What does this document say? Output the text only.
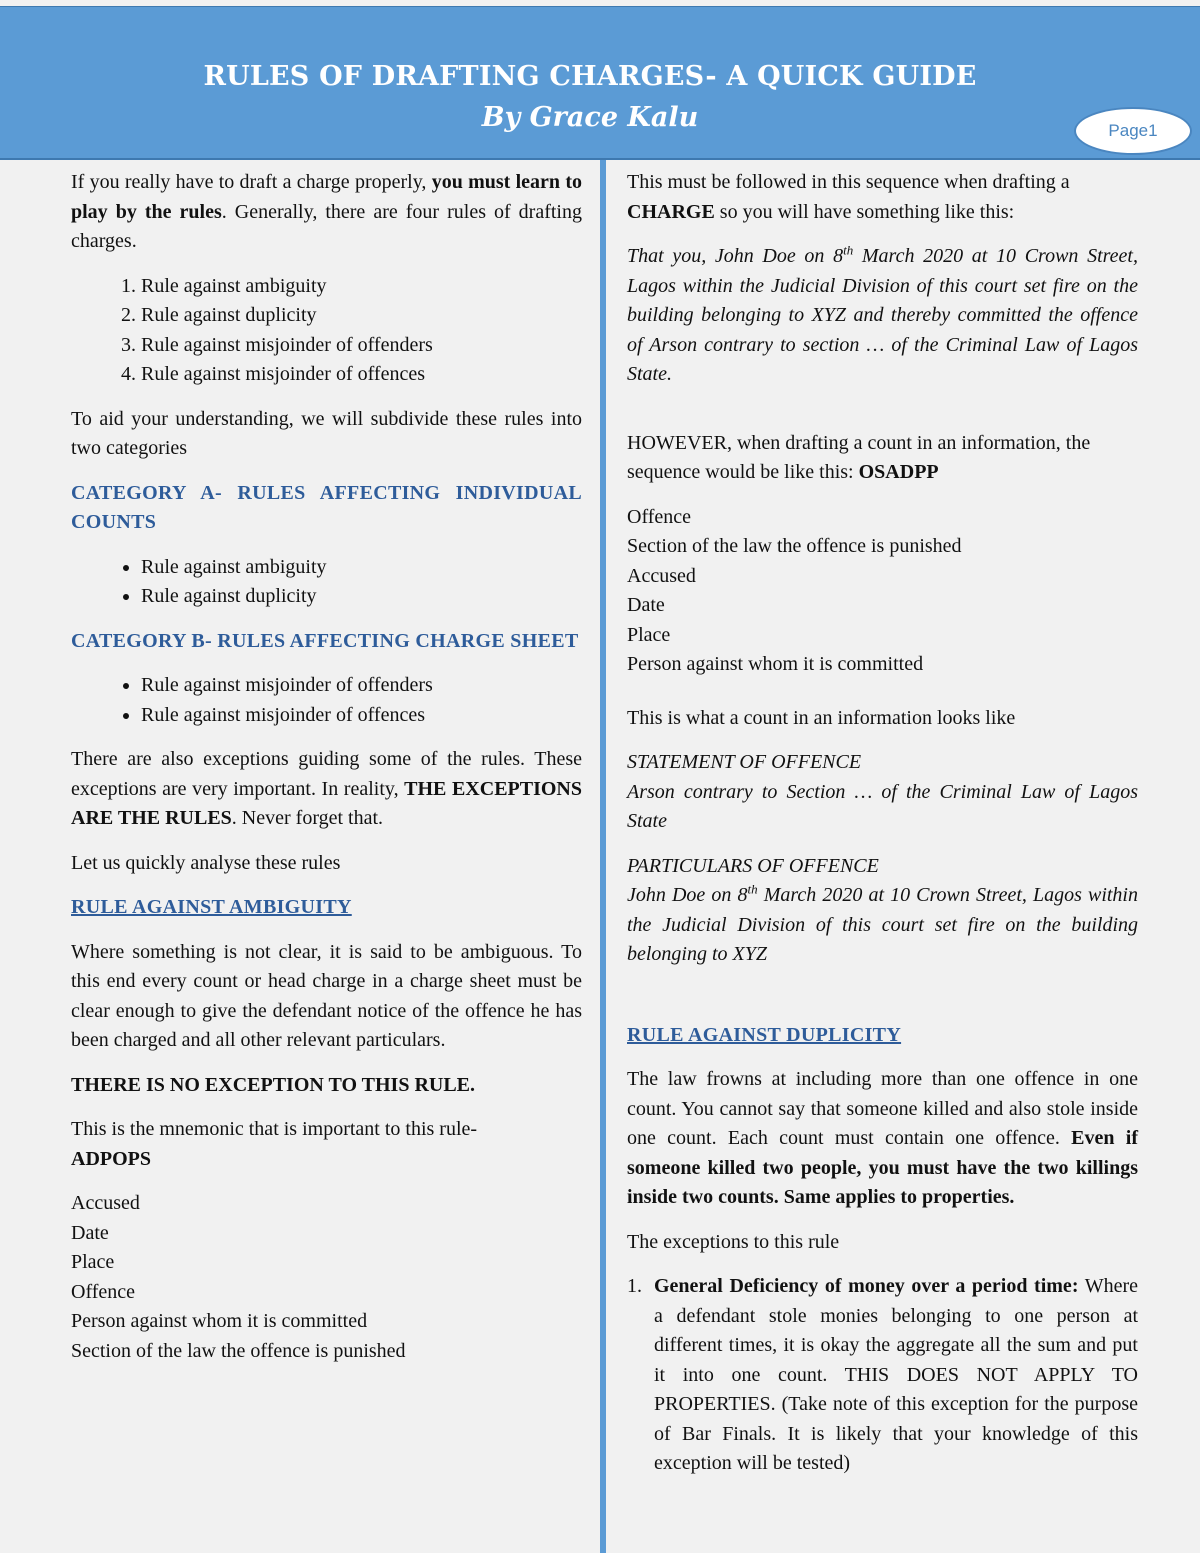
RULES OF DRAFTING CHARGES- A QUICK GUIDE
By Grace Kalu	Page1

If you really have to draft a charge properly, you must learn to play by the rules. Generally, there are four rules of drafting charges.

1. Rule against ambiguity
2. Rule against duplicity
3. Rule against misjoinder of offenders
4. Rule against misjoinder of offences

To aid your understanding, we will subdivide these rules into two categories

CATEGORY A- RULES AFFECTING INDIVIDUAL COUNTS

• Rule against ambiguity
• Rule against duplicity

CATEGORY B- RULES AFFECTING CHARGE SHEET

• Rule against misjoinder of offenders
• Rule against misjoinder of offences

There are also exceptions guiding some of the rules. These exceptions are very important. In reality, THE EXCEPTIONS ARE THE RULES. Never forget that.

Let us quickly analyse these rules

RULE AGAINST AMBIGUITY

Where something is not clear, it is said to be ambiguous. To this end every count or head charge in a charge sheet must be clear enough to give the defendant notice of the offence he has been charged and all other relevant particulars.

THERE IS NO EXCEPTION TO THIS RULE.

This is the mnemonic that is important to this rule-
ADPOPS

Accused
Date
Place
Offence
Person against whom it is committed
Section of the law the offence is punished

This must be followed in this sequence when drafting a CHARGE so you will have something like this:

That you, John Doe on 8th March 2020 at 10 Crown Street, Lagos within the Judicial Division of this court set fire on the building belonging to XYZ and thereby committed the offence of Arson contrary to section … of the Criminal Law of Lagos State.

HOWEVER, when drafting a count in an information, the sequence would be like this: OSADPP

Offence
Section of the law the offence is punished
Accused
Date
Place
Person against whom it is committed

This is what a count in an information looks like

STATEMENT OF OFFENCE
Arson contrary to Section … of the Criminal Law of Lagos State

PARTICULARS OF OFFENCE
John Doe on 8th March 2020 at 10 Crown Street, Lagos within the Judicial Division of this court set fire on the building belonging to XYZ

RULE AGAINST DUPLICITY

The law frowns at including more than one offence in one count. You cannot say that someone killed and also stole inside one count. Each count must contain one offence. Even if someone killed two people, you must have the two killings inside two counts. Same applies to properties.

The exceptions to this rule

1. General Deficiency of money over a period time: Where a defendant stole monies belonging to one person at different times, it is okay the aggregate all the sum and put it into one count. THIS DOES NOT APPLY TO PROPERTIES. (Take note of this exception for the purpose of Bar Finals. It is likely that your knowledge of this exception will be tested)
